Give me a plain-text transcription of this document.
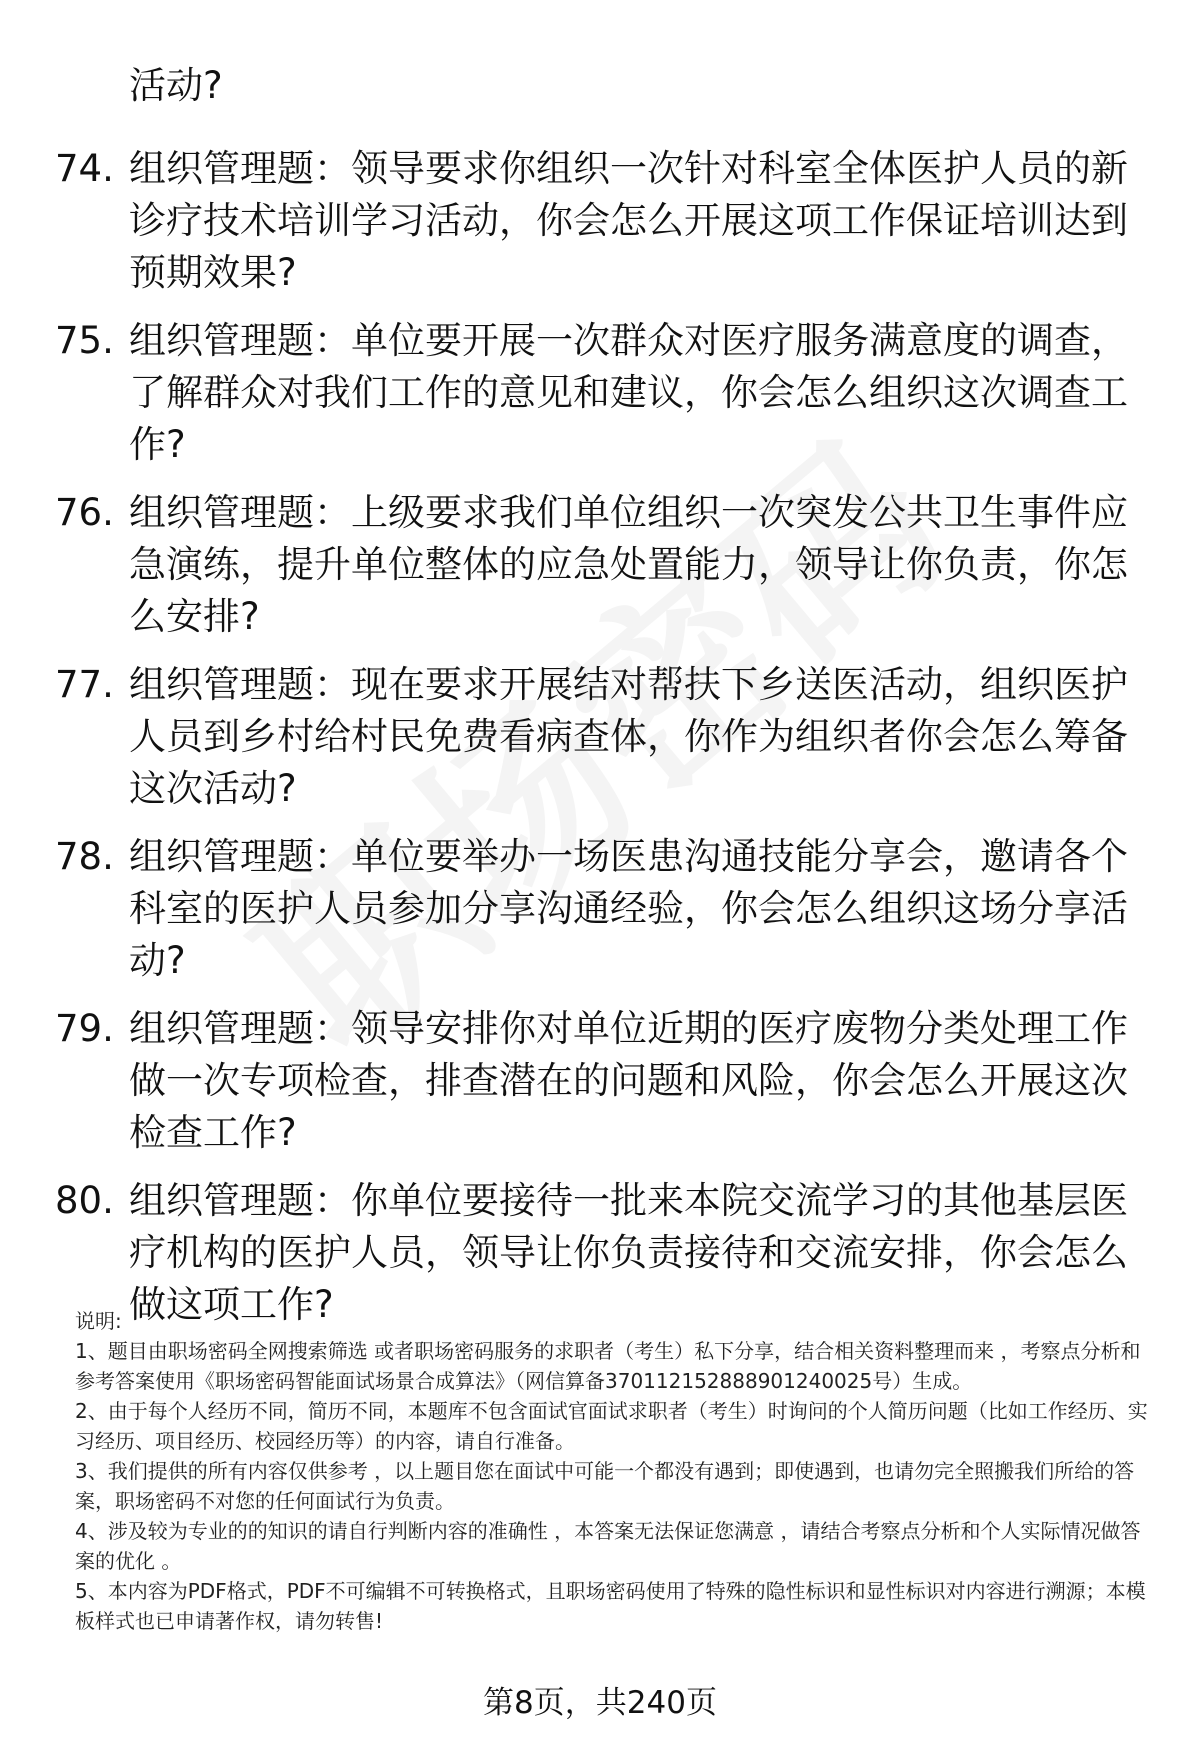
活动?
74. 组织管理题：领导要求你组织一次针对科室全体医护人员的新诊疗技术培训学习活动，你会怎么开展这项工作保证培训达到预期效果?
75. 组织管理题：单位要开展一次群众对医疗服务满意度的调查，了解群众对我们工作的意见和建议，你会怎么组织这次调查工作?
76. 组织管理题：上级要求我们单位组织一次突发公共卫生事件应急演练，提升单位整体的应急处置能力，领导让你负责，你怎么安排?
77. 组织管理题：现在要求开展结对帮扶下乡送医活动，组织医护人员到乡村给村民免费看病查体，你作为组织者你会怎么筹备这次活动?
78. 组织管理题：单位要举办一场医患沟通技能分享会，邀请各个科室的医护人员参加分享沟通经验，你会怎么组织这场分享活动?
79. 组织管理题：领导安排你对单位近期的医疗废物分类处理工作做一次专项检查，排查潜在的问题和风险，你会怎么开展这次检查工作?
80. 组织管理题：你单位要接待一批来本院交流学习的其他基层医疗机构的医护人员，领导让你负责接待和交流安排，你会怎么做这项工作?

说明:

1、题目由职场密码全网搜索筛选 或者职场密码服务的求职者（考生）私下分享，结合相关资料整理而来 ，考察点分析和参考答案使用《职场密码智能面试场景合成算法》（网信算备370112152888901240025号）生成。

2、由于每个人经历不同，简历不同，本题库不包含面试官面试求职者（考生）时询问的个人简历问题（比如工作经历、实习经历、项目经历、校园经历等）的内容，请自行准备。

3、我们提供的所有内容仅供参考 ，以上题目您在面试中可能一个都没有遇到；即使遇到，也请勿完全照搬我们所给的答案，职场密码不对您的任何面试行为负责。

4、涉及较为专业的的知识的请自行判断内容的准确性 ，本答案无法保证您满意 ，请结合考察点分析和个人实际情况做答案的优化 。

5、本内容为PDF格式，PDF不可编辑不可转换格式，且职场密码使用了特殊的隐性标识和显性标识对内容进行溯源；本模板样式也已申请著作权，请勿转售!

第8页，共240页
